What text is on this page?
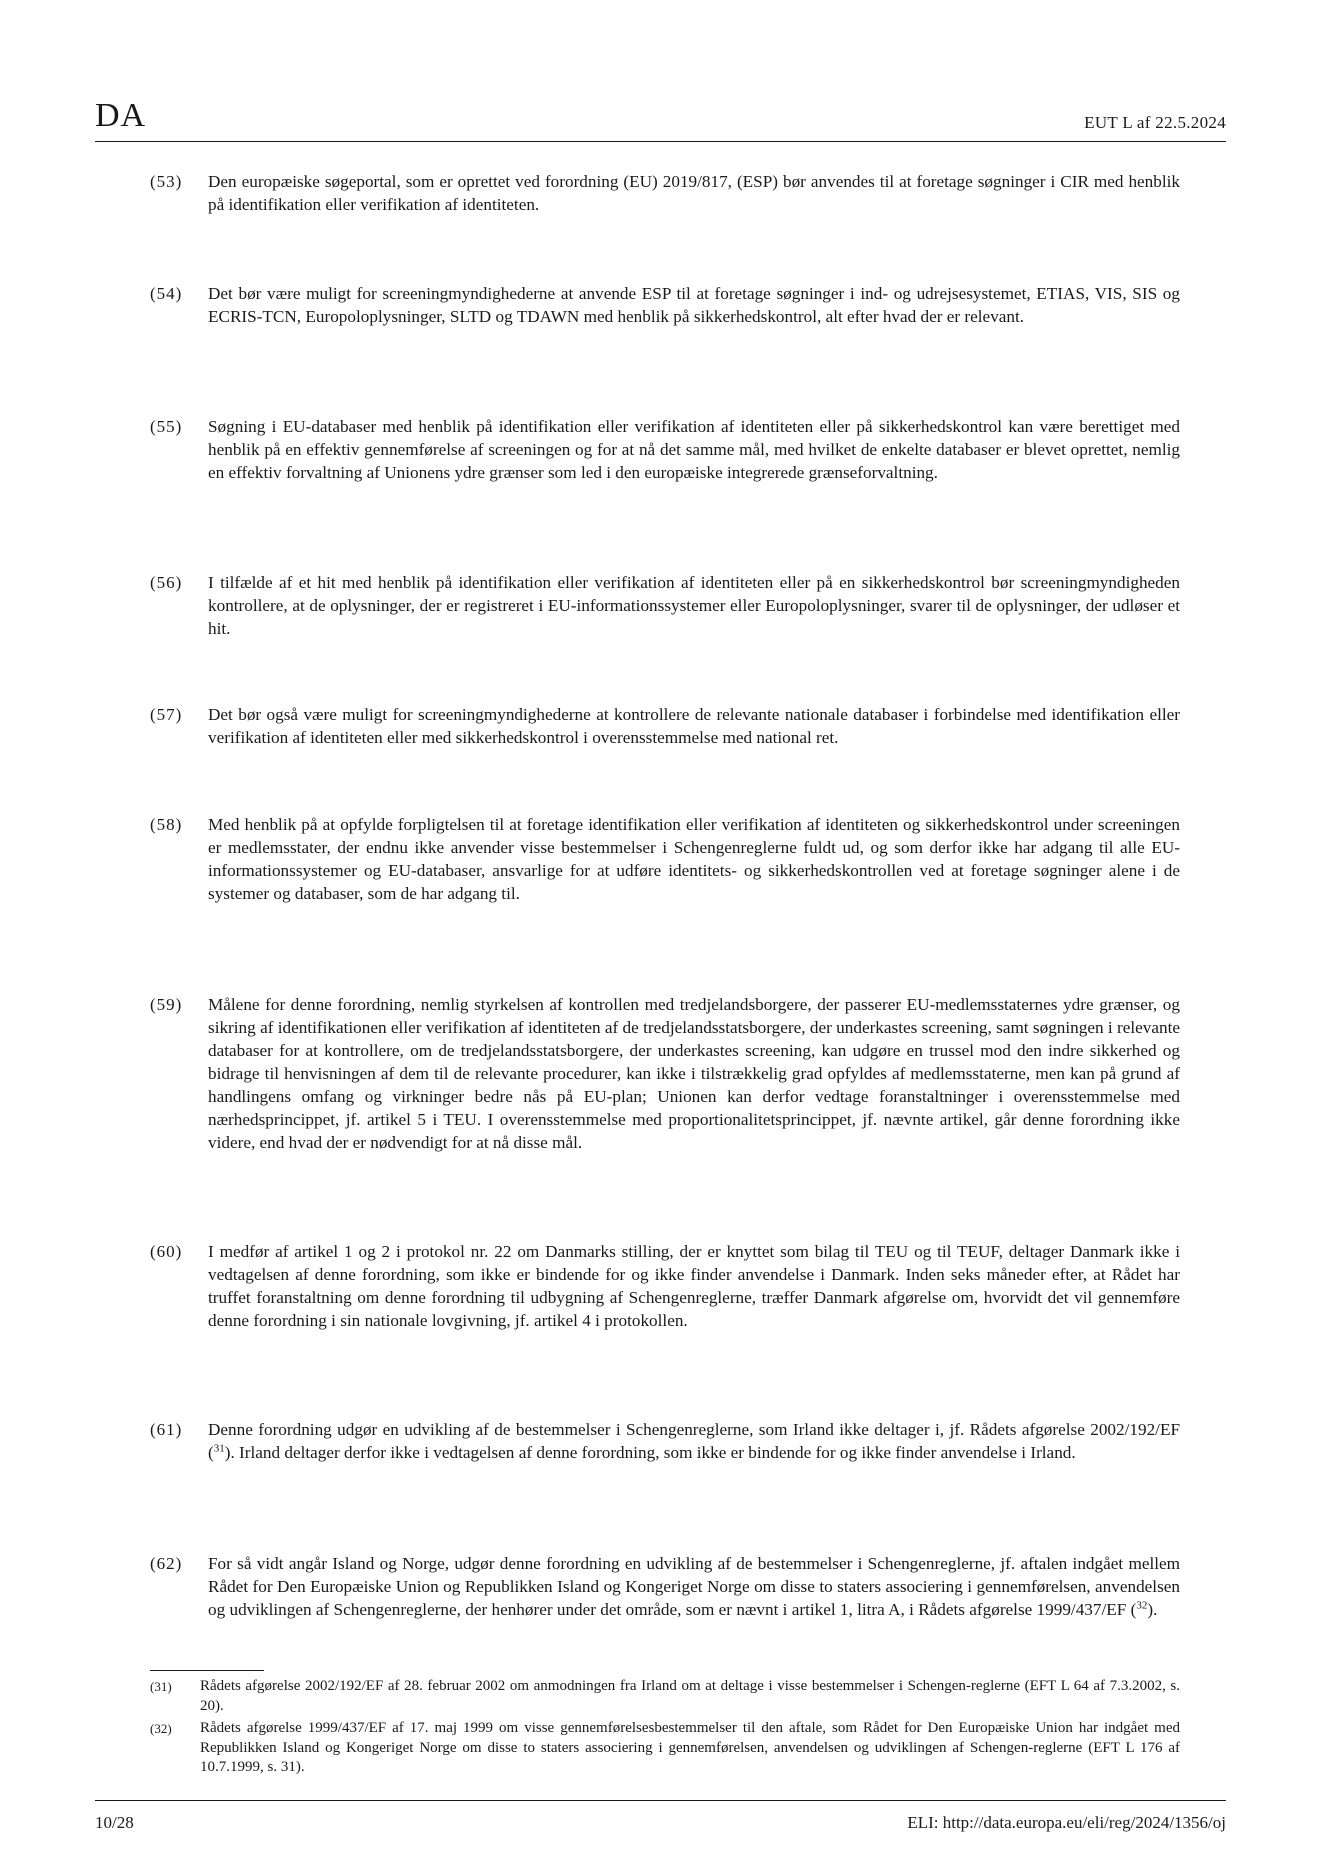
DA	EUT L af 22.5.2024
(53) Den europæiske søgeportal, som er oprettet ved forordning (EU) 2019/817, (ESP) bør anvendes til at foretage søgninger i CIR med henblik på identifikation eller verifikation af identiteten.
(54) Det bør være muligt for screeningmyndighederne at anvende ESP til at foretage søgninger i ind- og udrejsesystemet, ETIAS, VIS, SIS og ECRIS-TCN, Europoloplysninger, SLTD og TDAWN med henblik på sikkerhedskontrol, alt efter hvad der er relevant.
(55) Søgning i EU-databaser med henblik på identifikation eller verifikation af identiteten eller på sikkerhedskontrol kan være berettiget med henblik på en effektiv gennemførelse af screeningen og for at nå det samme mål, med hvilket de enkelte databaser er blevet oprettet, nemlig en effektiv forvaltning af Unionens ydre grænser som led i den europæiske integrerede grænseforvaltning.
(56) I tilfælde af et hit med henblik på identifikation eller verifikation af identiteten eller på en sikkerhedskontrol bør screeningmyndigheden kontrollere, at de oplysninger, der er registreret i EU-informationssystemer eller Europoloplysninger, svarer til de oplysninger, der udløser et hit.
(57) Det bør også være muligt for screeningmyndighederne at kontrollere de relevante nationale databaser i forbindelse med identifikation eller verifikation af identiteten eller med sikkerhedskontrol i overensstemmelse med national ret.
(58) Med henblik på at opfylde forpligtelsen til at foretage identifikation eller verifikation af identiteten og sikkerhedskontrol under screeningen er medlemsstater, der endnu ikke anvender visse bestemmelser i Schengenreglerne fuldt ud, og som derfor ikke har adgang til alle EU-informationssystemer og EU-databaser, ansvarlige for at udføre identitets- og sikkerhedskontrollen ved at foretage søgninger alene i de systemer og databaser, som de har adgang til.
(59) Målene for denne forordning, nemlig styrkelsen af kontrollen med tredjelandsborgere, der passerer EU-medlemsstaternes ydre grænser, og sikring af identifikationen eller verifikation af identiteten af de tredjelandsstatsborgere, der underkastes screening, samt søgningen i relevante databaser for at kontrollere, om de tredjelandsstatsborgere, der underkastes screening, kan udgøre en trussel mod den indre sikkerhed og bidrage til henvisningen af dem til de relevante procedurer, kan ikke i tilstrækkelig grad opfyldes af medlemsstaterne, men kan på grund af handlingens omfang og virkninger bedre nås på EU-plan; Unionen kan derfor vedtage foranstaltninger i overensstemmelse med nærhedsprincippet, jf. artikel 5 i TEU. I overensstemmelse med proportionalitetsprincippet, jf. nævnte artikel, går denne forordning ikke videre, end hvad der er nødvendigt for at nå disse mål.
(60) I medfør af artikel 1 og 2 i protokol nr. 22 om Danmarks stilling, der er knyttet som bilag til TEU og til TEUF, deltager Danmark ikke i vedtagelsen af denne forordning, som ikke er bindende for og ikke finder anvendelse i Danmark. Inden seks måneder efter, at Rådet har truffet foranstaltning om denne forordning til udbygning af Schengenreglerne, træffer Danmark afgørelse om, hvorvidt det vil gennemføre denne forordning i sin nationale lovgivning, jf. artikel 4 i protokollen.
(61) Denne forordning udgør en udvikling af de bestemmelser i Schengenreglerne, som Irland ikke deltager i, jf. Rådets afgørelse 2002/192/EF ($^{31}$). Irland deltager derfor ikke i vedtagelsen af denne forordning, som ikke er bindende for og ikke finder anvendelse i Irland.
(62) For så vidt angår Island og Norge, udgør denne forordning en udvikling af de bestemmelser i Schengenreglerne, jf. aftalen indgået mellem Rådet for Den Europæiske Union og Republikken Island og Kongeriget Norge om disse to staters associering i gennemførelsen, anvendelsen og udviklingen af Schengenreglerne, der henhører under det område, som er nævnt i artikel 1, litra A, i Rådets afgørelse 1999/437/EF ($^{32}$).
(31) Rådets afgørelse 2002/192/EF af 28. februar 2002 om anmodningen fra Irland om at deltage i visse bestemmelser i Schengen-reglerne (EFT L 64 af 7.3.2002, s. 20).
(32) Rådets afgørelse 1999/437/EF af 17. maj 1999 om visse gennemførelsesbestemmelser til den aftale, som Rådet for Den Europæiske Union har indgået med Republikken Island og Kongeriget Norge om disse to staters associering i gennemførelsen, anvendelsen og udviklingen af Schengen-reglerne (EFT L 176 af 10.7.1999, s. 31).
10/28	ELI: http://data.europa.eu/eli/reg/2024/1356/oj
